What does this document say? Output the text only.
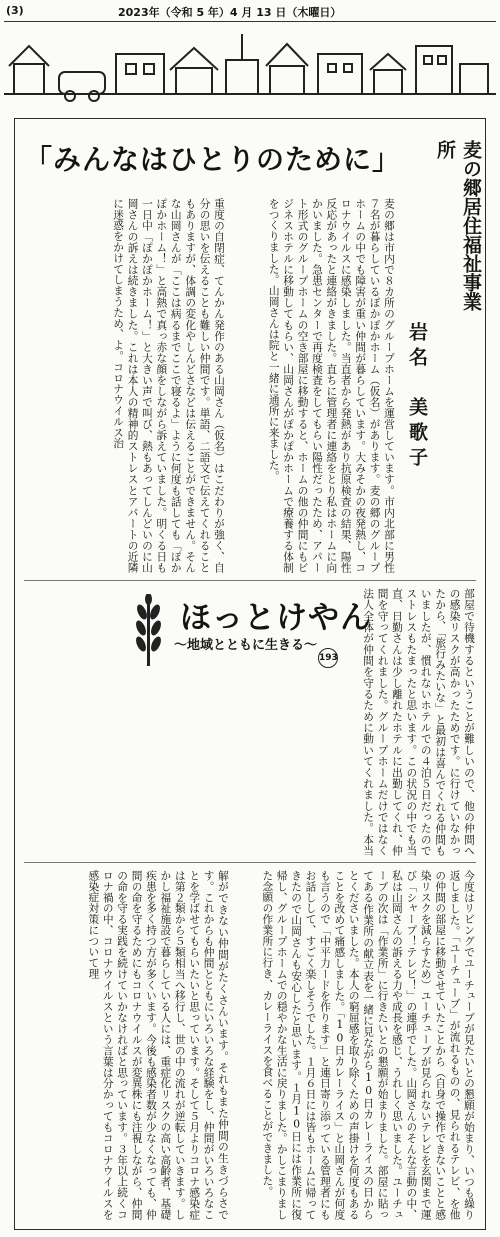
(3)	2023年（令和 5 年）4 月 13 日（木曜日）
「みんなはひとりのために」	麦の郷居住福祉事業所
岩名　美歌子

麦の郷は市内で８カ所のグループホームを運営しています。市内北部に男性７名が暮らしているぽかぽかホーム（仮名）があります。麦の郷のグループホームの中でも障害が重い仲間が暮らしています。大みそかの夜発熱し、コロナウイルスに感染しました。当直者から発熱があり抗原検査の結果、陽性反応があったと連絡がきました。直ちに管理者に連絡をとり私はホームに向かいました。急患センターで再度検査をしてもらい陽性だったため、アパート形式のグループホームの空き部屋に移動すると、ホームの他の仲間にもビジネスホテルに移動してもらい、山岡さんがぽかぽかホームで療養する体制をつくりました。山岡さんは院と一緒に通所に来ました。

重度の自閉症、てんかん発作のある山岡さん（仮名）はこだわりが強く、自分の思いを伝えることも難しい仲間です。単語、二語文で伝えてくれることもありますが、体調の変化やしんどさなどは伝えることができません。そんな山岡さんが「ここは病るまでここで寝るよ」ように何度も話しても「ぽかぽかホーム！」と高熱で真っ赤な顔をしながら訴えていました。明くる日も一日中「ぽかぽかホーム！」と大きい声で叫び、熱もあってしんどいのに山岡さんの訴えは続きました。これは本人の精神的ストレスとアパートの近隣に迷惑をかけてしまうため、よ。コロナウイルス治

ほっとけやん
〜地域とともに生きる〜
193

部屋で待機するということが難しいので、他の仲間への感染リスクが高かったためです。に行けていなかったから、「旅行みたいな」と最初は喜んでくれる仲間もいましたが、慣れないホテルでの４泊５日だったのでストレスもたまったと思います。この状況の中でも当直、日勤さんは少し離れたホテルに出勤してくれ、仲間を守ってくれました。グループホームだけではなく法人全体が仲間を守るために動いてくれました。本当

今度はリビングでユーチューブが見たいとの懇願が始まり、いつも繰り返しました。「ユーチューブ」が流れるものの、見られるテレビ、を他の仲間の部屋に移動させていたことから（自身で操作できないことと感染リスクを減らすため）ユーチューブが見られないテレビを玄関まで運び「シャープ！テレビ！」の連呼でした。山岡さんのそんな言動の中、私は山岡さんの訴える力や成長を感じ、うれしく思いました。ユーチューブの次は「作業所」に行きたいとの懇願が始まりました。部屋に貼ってある作業所の献立表を一緒に見ながら10日カレーライスの日からとくださいました。本人の窮屈感を取り除くための声掛けを何度もあることを改めて痛感しました。「10日カレーライス」と山岡さんが何度も言うので「中平力ードを作ります」と連日寄り添っている管理者にもお話しして、すごく楽しそうでした。１月６日には皆もホームに帰ってきたので山岡さんも安心したと思います。１月10日には作業所に復帰し、グループホームでの穏やかな生活に戻りました。かしこまりました念願の作業所に行き、カレーライスを食べることができました。

解ができない仲間がたくさんいます。それもまた仲間の生きづらさです。これからも仲間とともにいろいろな経験をし、仲間がいろいろなことを学ばせてもらいたいと思っています。そして５月よりコロナ感染症は第２類から５類相当へ移行し、世の中の流れが逆転していきます。しかし福祉施設で暮らしている人には、重症化リスクの高い高齢者、基礎疾患を多く持つ方が多くいます。今後も感染者数が少なくなっても、仲間の命を守るためにもコロナウイルスが変異株にも注視しながら、仲間の命を守る実践を続けていかなければと思っています。３年以上続くコロナ禍の中、コロナウイルスという言葉は分かってもコロナウイルスを感染症対策について理
